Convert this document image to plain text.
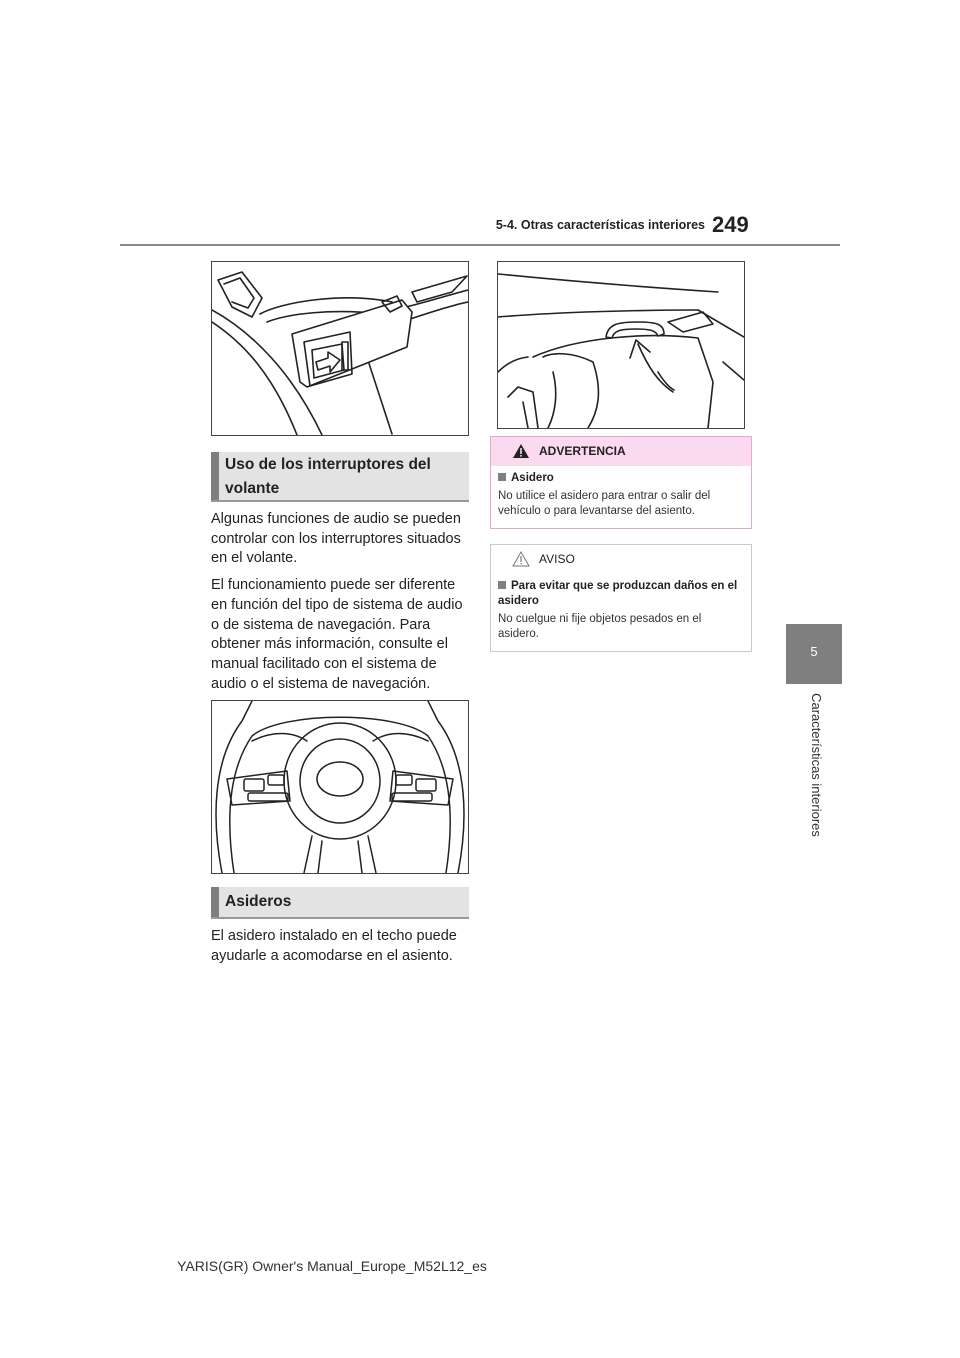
5-4. Otras características interiores 249
5
Características interiores
Uso de los interruptores del volante

Algunas funciones de audio se pueden controlar con los interruptores situados en el volante.

El funcionamiento puede ser diferente en función del tipo de sistema de audio o de sistema de navegación. Para obtener más información, consulte el manual facilitado con el sistema de audio o el sistema de navegación.

Asideros

El asidero instalado en el techo puede ayudarle a acomodarse en el asiento.

ADVERTENCIA
Asidero
No utilice el asidero para entrar o salir del vehículo o para levantarse del asiento.
AVISO
Para evitar que se produzcan daños en el asidero
No cuelgue ni fije objetos pesados en el asidero.
YARIS(GR) Owner's Manual_Europe_M52L12_es
